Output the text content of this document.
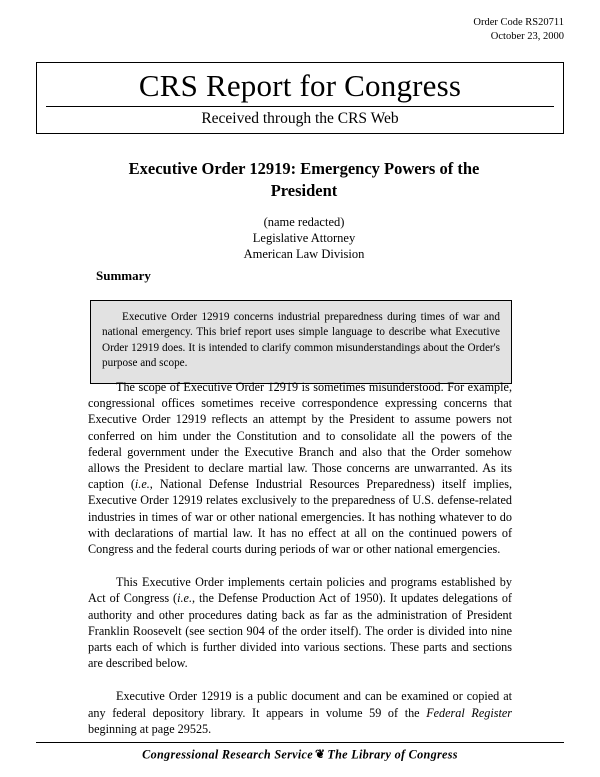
Order Code RS20711
October 23, 2000
CRS Report for Congress
Received through the CRS Web
Executive Order 12919: Emergency Powers of the President
(name redacted)
Legislative Attorney
American Law Division
Summary

Executive Order 12919 concerns industrial preparedness during times of war and national emergency. This brief report uses simple language to describe what Executive Order 12919 does. It is intended to clarify common misunderstandings about the Order's purpose and scope.

The scope of Executive Order 12919 is sometimes misunderstood. For example, congressional offices sometimes receive correspondence expressing concerns that Executive Order 12919 reflects an attempt by the President to assume powers not conferred on him under the Constitution and to consolidate all the powers of the federal government under the Executive Branch and also that the Order somehow allows the President to declare martial law. Those concerns are unwarranted. As its caption (i.e., National Defense Industrial Resources Preparedness) itself implies, Executive Order 12919 relates exclusively to the preparedness of U.S. defense-related industries in times of war or other national emergencies. It has nothing whatever to do with declarations of martial law. It has no effect at all on the continued powers of Congress and the federal courts during periods of war or other national emergencies.

This Executive Order implements certain policies and programs established by Act of Congress (i.e., the Defense Production Act of 1950). It updates delegations of authority and other procedures dating back as far as the administration of President Franklin Roosevelt (see section 904 of the order itself). The order is divided into nine parts each of which is further divided into various sections. These parts and sections are described below.

Executive Order 12919 is a public document and can be examined or copied at any federal depository library. It appears in volume 59 of the Federal Register beginning at page 29525.

Congressional Research Service ❦ The Library of Congress
